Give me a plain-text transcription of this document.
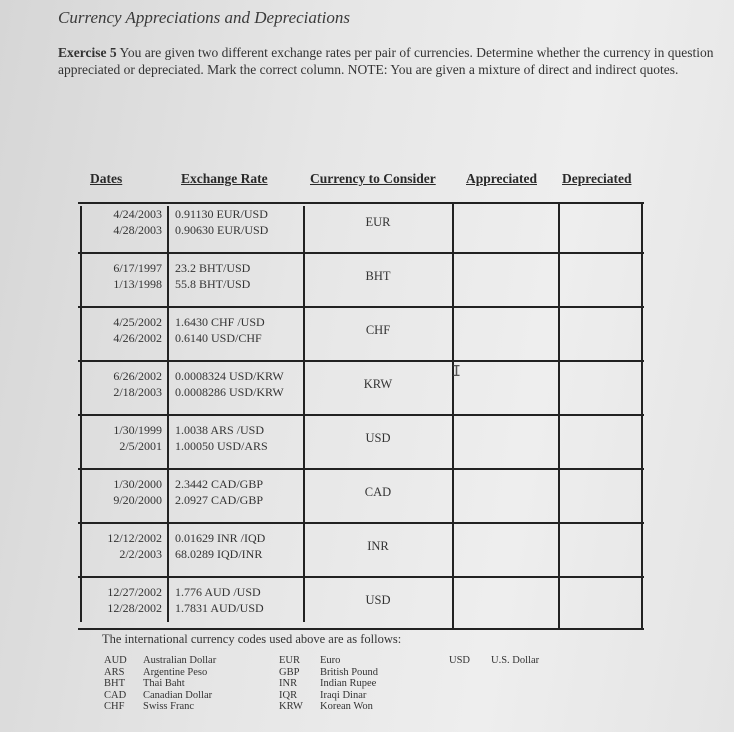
Currency Appreciations and Depreciations
Exercise 5 You are given two different exchange rates per pair of currencies. Determine whether the currency in question appreciated or depreciated. Mark the correct column. NOTE: You are given a mixture of direct and indirect quotes.
Dates	Exchange Rate	Currency to Consider Appreciated Depreciated
4/24/2003
4/28/2003
0.91130 EUR/USD
0.90630 EUR/USD
EUR
6/17/1997
1/13/1998
23.2 BHT/USD
55.8 BHT/USD
BHT
4/25/2002
4/26/2002
1.6430 CHF /USD
0.6140 USD/CHF
CHF
6/26/2002
2/18/2003
0.0008324 USD/KRW
0.0008286 USD/KRW
KRW
1/30/1999
2/5/2001
1.0038 ARS /USD
1.00050 USD/ARS
USD
1/30/2000
9/20/2000
2.3442 CAD/GBP
2.0927 CAD/GBP
CAD
12/12/2002
2/2/2003
0.01629 INR /IQD
68.0289 IQD/INR
INR
12/27/2002
12/28/2002
1.776 AUD /USD
1.7831 AUD/USD
USD
I
The international currency codes used above are as follows:
AUD Australian Dollar
ARS Argentine Peso
BHT Thai Baht
CAD Canadian Dollar
CHF Swiss Franc
EUR Euro
GBP British Pound
INR Indian Rupee
IQR Iraqi Dinar
KRW Korean Won
USD U.S. Dollar
